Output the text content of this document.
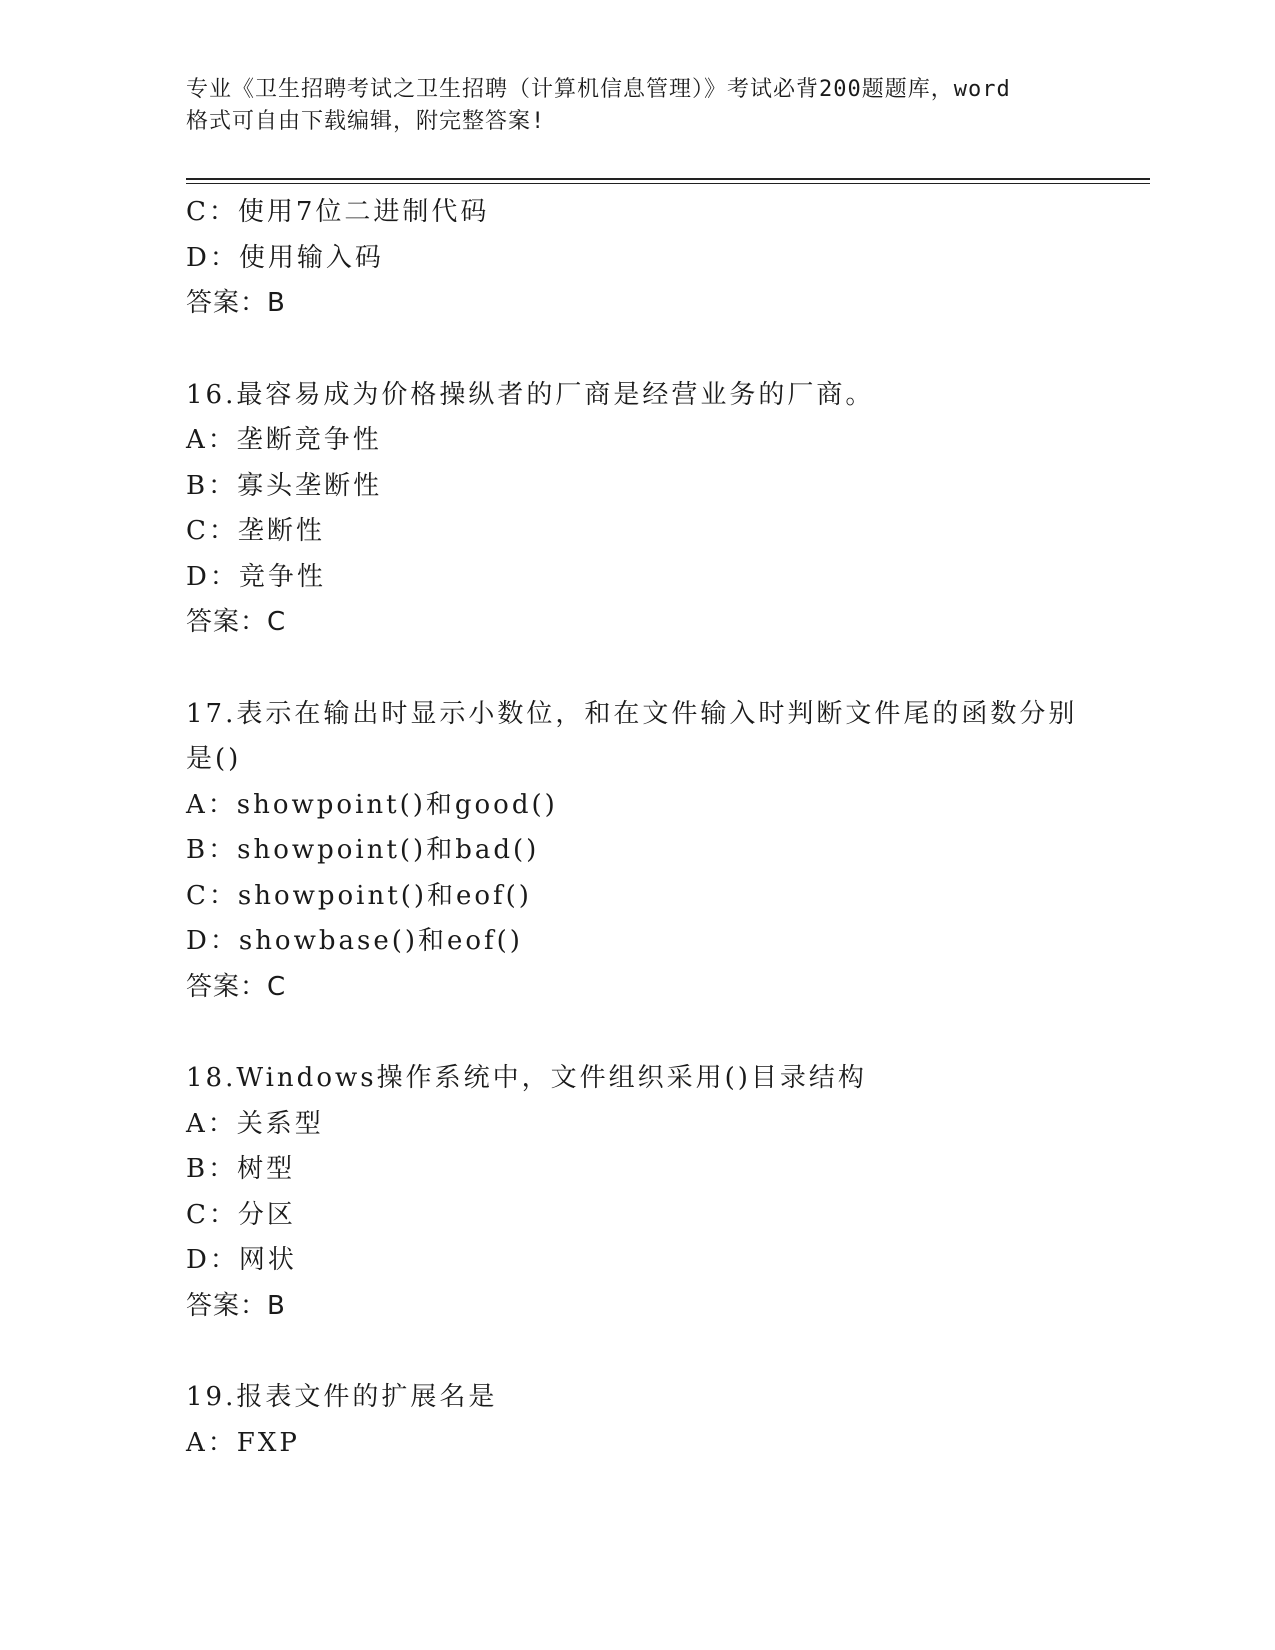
专业《卫生招聘考试之卫生招聘（计算机信息管理）》考试必背200题题库，word
格式可自由下载编辑，附完整答案!
C：使用7位二进制代码
D：使用输入码
答案：B
16.最容易成为价格操纵者的厂商是经营业务的厂商。
A：垄断竞争性
B：寡头垄断性
C：垄断性
D：竞争性
答案：C
17.表示在输出时显示小数位，和在文件输入时判断文件尾的函数分别
是()
A：showpoint()和good()
B：showpoint()和bad()
C：showpoint()和eof()
D：showbase()和eof()
答案：C
18.Windows操作系统中，文件组织采用()目录结构
A：关系型
B：树型
C：分区
D：网状
答案：B
19.报表文件的扩展名是
A：FXP
